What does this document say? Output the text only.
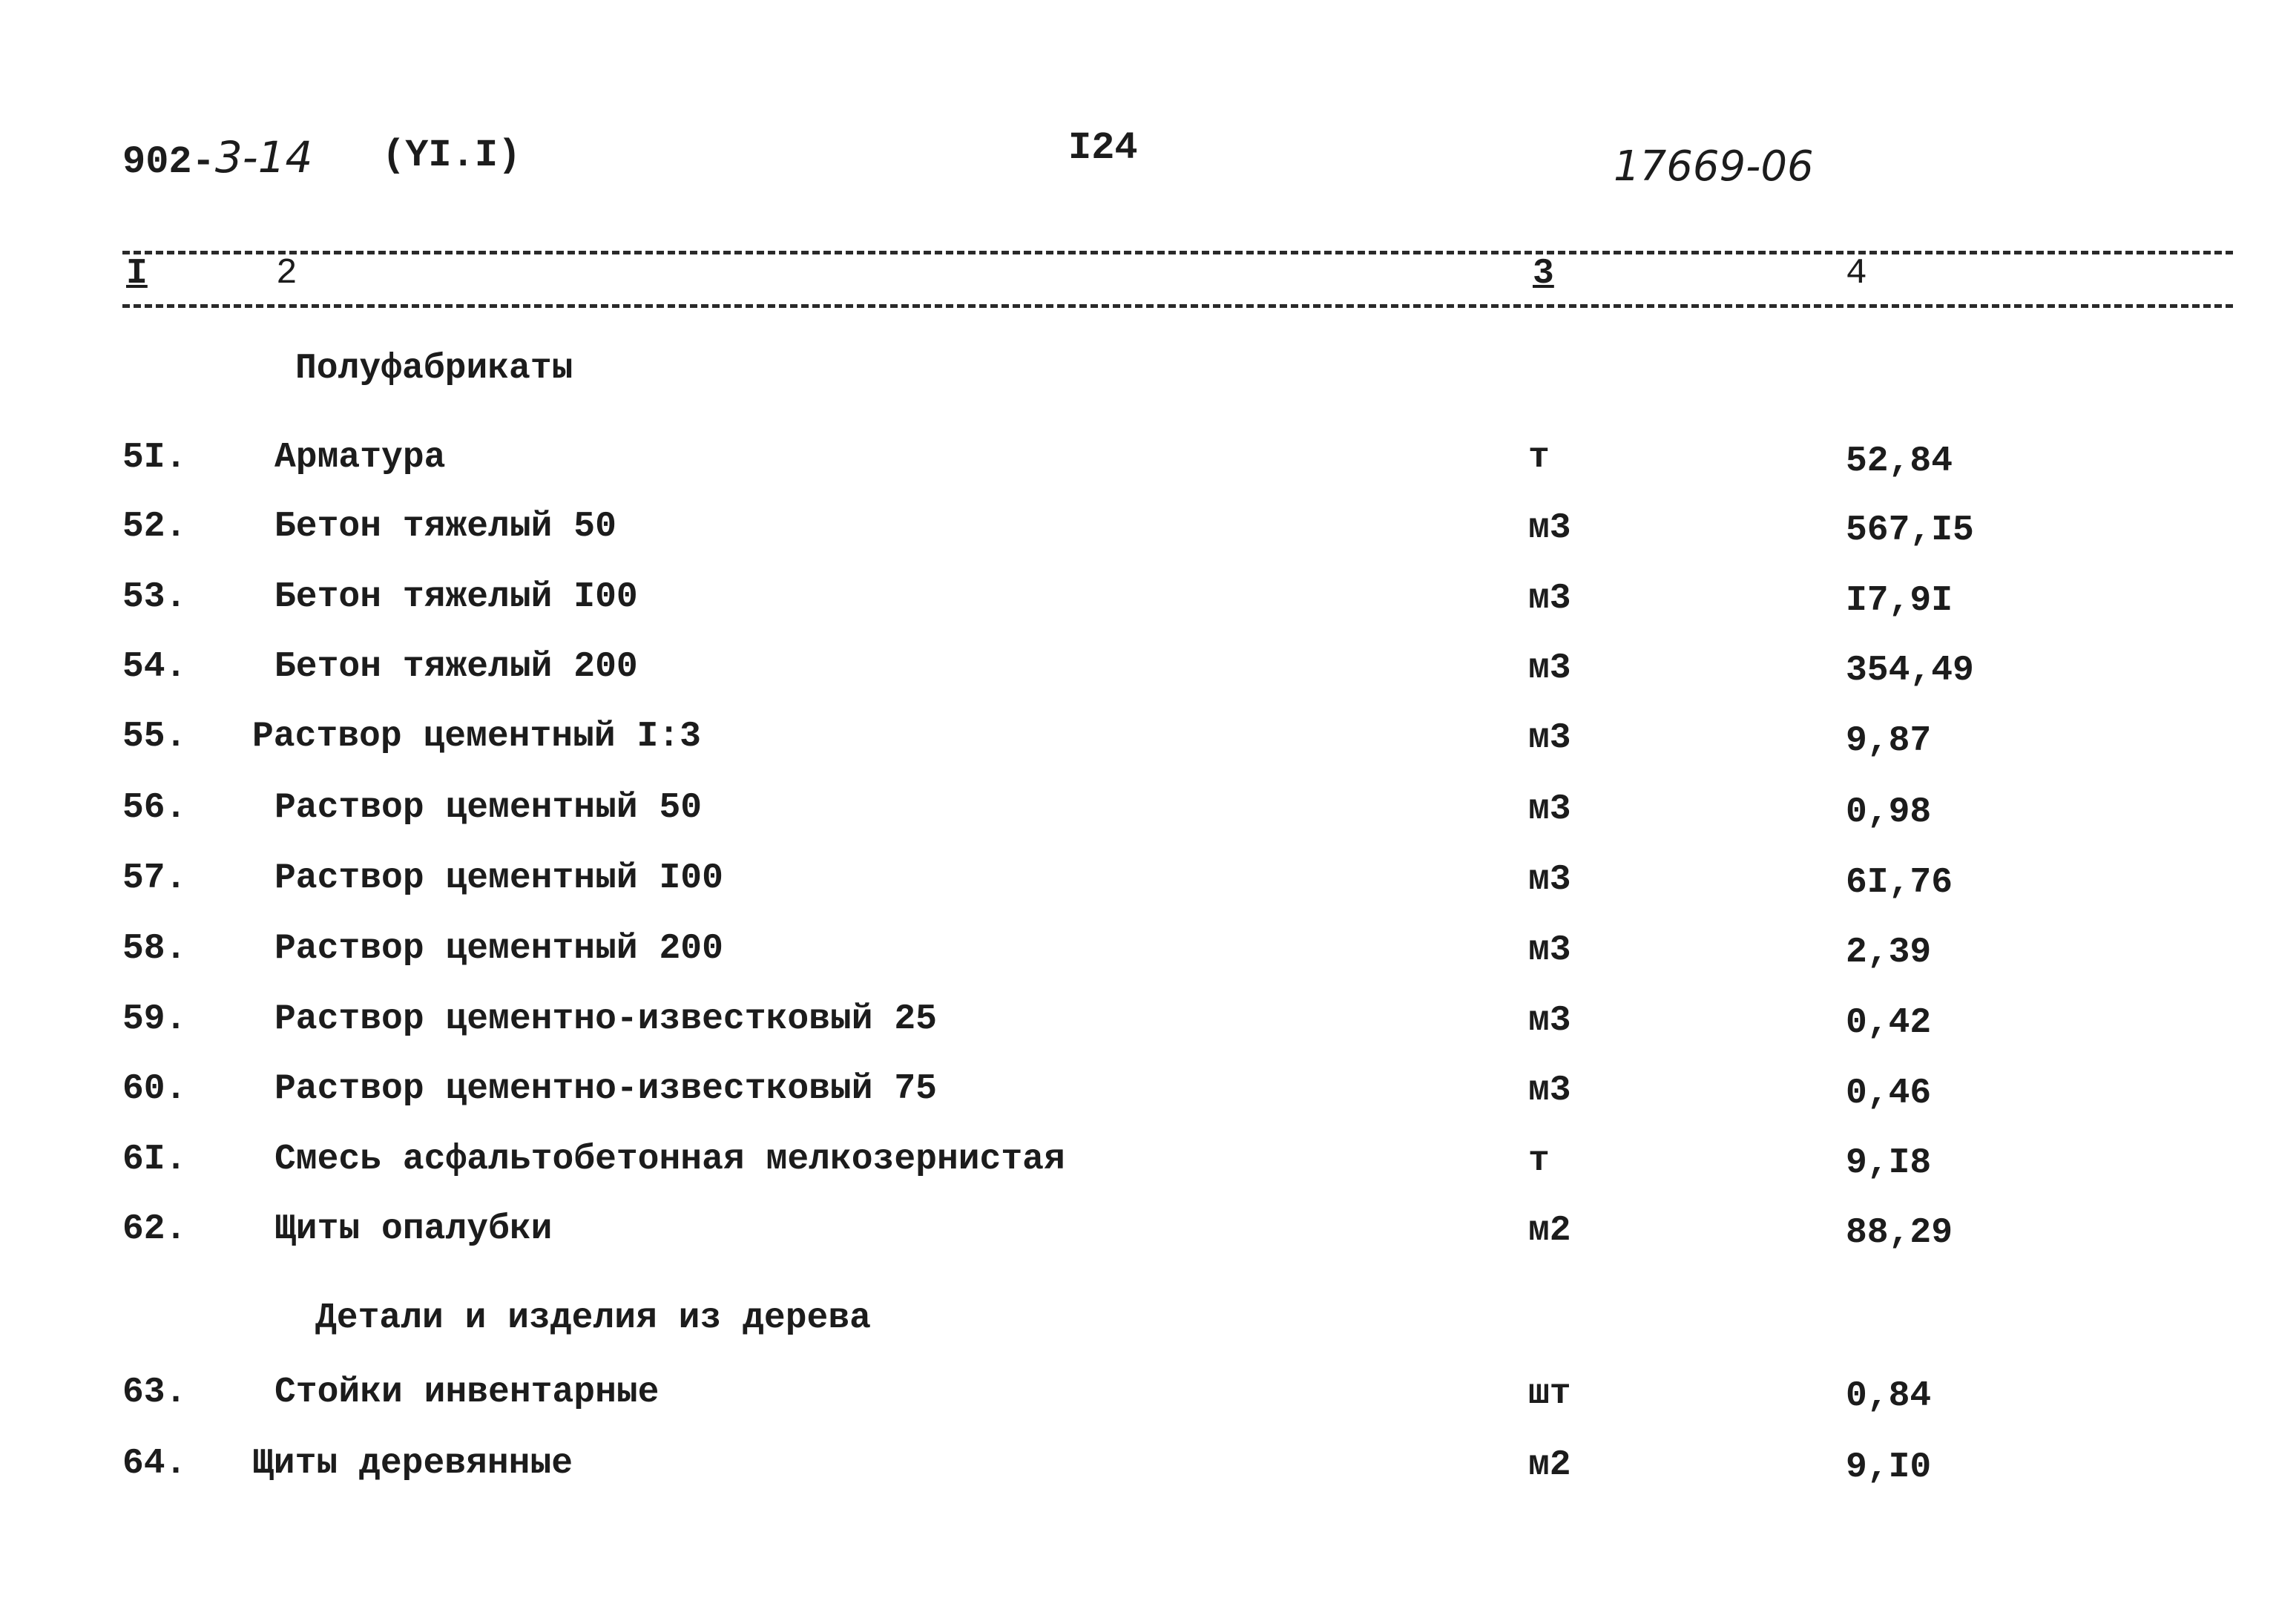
902-3-14 (YI.I)	I24	17669-06
I	2	3	4
Полуфабрикаты
5I. Арматура	т	52,84
52. Бетон тяжелый 50	м3	567,I5
53. Бетон тяжелый I00	м3	I7,9I
54. Бетон тяжелый 200	м3	354,49
55. Раствор цементный I:3	м3	9,87
56. Раствор цементный 50	м3	0,98
57. Раствор цементный I00	м3	6I,76
58. Раствор цементный 200	м3	2,39
59. Раствор цементно-известковый 25	м3	0,42
60. Раствор цементно-известковый 75	м3	0,46
6I. Смесь асфальтобетонная мелкозернистая	т	9,I8
62. Щиты опалубки	м2	88,29
Детали и изделия из дерева
63. Стойки инвентарные	шт	0,84
64. Щиты деревянные	м2	9,I0
